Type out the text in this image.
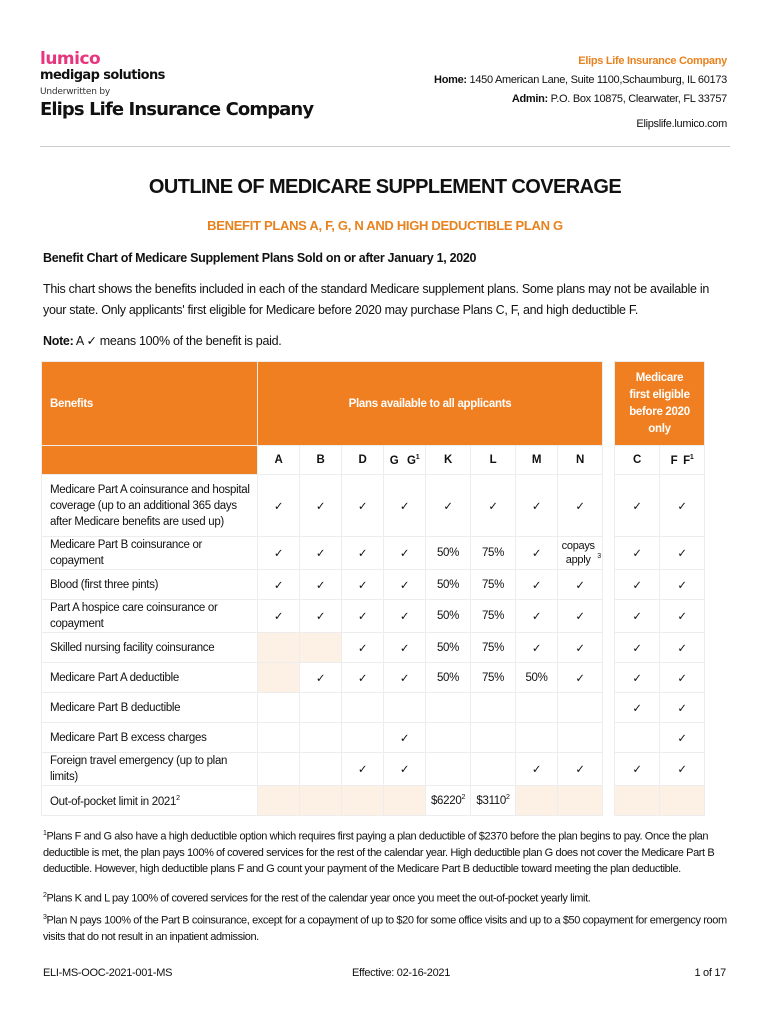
lumico
medigap solutions
Underwritten by
Elips Life Insurance Company
Elips Life Insurance Company
Home: 1450 American Lane, Suite 1100,Schaumburg, IL 60173
Admin: P.O. Box 10875, Clearwater, FL 33757
Elipslife.lumico.com
OUTLINE OF MEDICARE SUPPLEMENT COVERAGE
BENEFIT PLANS A, F, G, N AND HIGH DEDUCTIBLE PLAN G
Benefit Chart of Medicare Supplement Plans Sold on or after January 1, 2020
This chart shows the benefits included in each of the standard Medicare supplement plans. Some plans may not be available in your state. Only applicants' first eligible for Medicare before 2020 may purchase Plans C, F, and high deductible F.
Note: A ✓ means 100% of the benefit is paid.
Benefits	Plans available to all applicants									Medicare first eligible before 2020 only	
	A	B	D	G $G^1$	K	L	M	N		C	F $F^1$
Medicare Part A coinsurance and hospital coverage (up to an additional 365 days after Medicare benefits are used up)	✓	✓	✓	✓	✓	✓	✓	✓		✓	✓
Medicare Part B coinsurance or copayment	✓	✓	✓	✓	50%	75%	✓	copays apply $^3$		✓	✓
Blood (first three pints)	✓	✓	✓	✓	50%	75%	✓	✓		✓	✓
Part A hospice care coinsurance or copayment	✓	✓	✓	✓	50%	75%	✓	✓		✓	✓
Skilled nursing facility coinsurance			✓	✓	50%	75%	✓	✓		✓	✓
Medicare Part A deductible		✓	✓	✓	50%	75%	50%	✓		✓	✓
Medicare Part B deductible										✓	✓
Medicare Part B excess charges				✓							✓
Foreign travel emergency (up to plan limits)			✓	✓			✓	✓		✓	✓
Out-of-pocket limit in 2021$^2$					$6220$^2$	$3110$^2$					
$^1$Plans F and G also have a high deductible option which requires first paying a plan deductible of $2370 before the plan begins to pay. Once the plan deductible is met, the plan pays 100% of covered services for the rest of the calendar year. High deductible plan G does not cover the Medicare Part B deductible. However, high deductible plans F and G count your payment of the Medicare Part B deductible toward meeting the plan deductible.
$^2$Plans K and L pay 100% of covered services for the rest of the calendar year once you meet the out-of-pocket yearly limit.
$^3$Plan N pays 100% of the Part B coinsurance, except for a copayment of up to $20 for some office visits and up to a $50 copayment for emergency room visits that do not result in an inpatient admission.
ELI-MS-OOC-2021-001-MS	Effective: 02-16-2021	1 of 17
